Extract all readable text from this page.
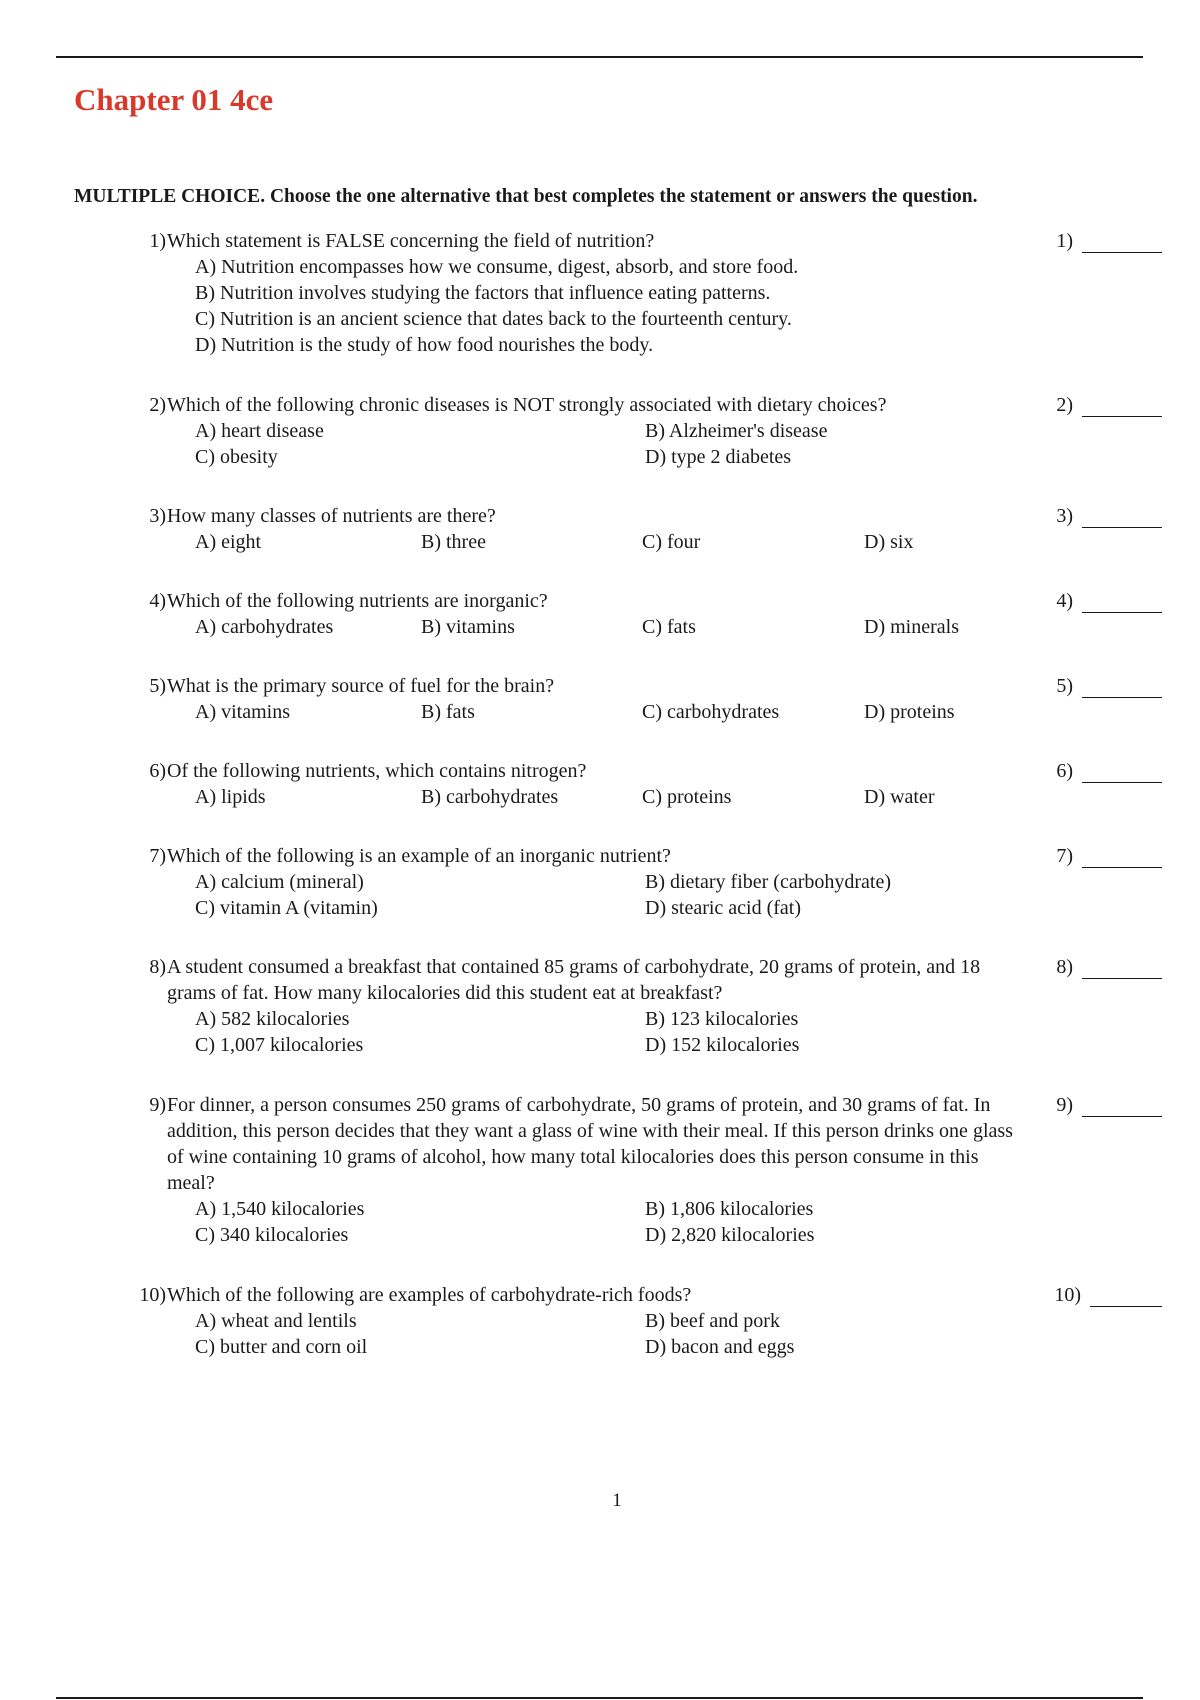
Chapter 01 4ce
MULTIPLE CHOICE. Choose the one alternative that best completes the statement or answers the question.
1) Which statement is FALSE concerning the field of nutrition?	1)
A) Nutrition encompasses how we consume, digest, absorb, and store food.
B) Nutrition involves studying the factors that influence eating patterns.
C) Nutrition is an ancient science that dates back to the fourteenth century.
D) Nutrition is the study of how food nourishes the body.
2) Which of the following chronic diseases is NOT strongly associated with dietary choices?	2)
A) heart disease	B) Alzheimer's disease
C) obesity	D) type 2 diabetes
3) How many classes of nutrients are there?	3)
A) eight	B) three	C) four	D) six
4) Which of the following nutrients are inorganic?	4)
A) carbohydrates	B) vitamins	C) fats	D) minerals
5) What is the primary source of fuel for the brain?	5)
A) vitamins	B) fats	C) carbohydrates	D) proteins
6) Of the following nutrients, which contains nitrogen?	6)
A) lipids	B) carbohydrates	C) proteins	D) water
7) Which of the following is an example of an inorganic nutrient?	7)
A) calcium (mineral)	B) dietary fiber (carbohydrate)
C) vitamin A (vitamin)	D) stearic acid (fat)
8) A student consumed a breakfast that contained 85 grams of carbohydrate, 20 grams of protein, and 18 grams of fat. How many kilocalories did this student eat at breakfast?
8)
A) 582 kilocalories	B) 123 kilocalories
C) 1,007 kilocalories	D) 152 kilocalories
9) For dinner, a person consumes 250 grams of carbohydrate, 50 grams of protein, and 30 grams of fat. In addition, this person decides that they want a glass of wine with their meal. If this person drinks one glass of wine containing 10 grams of alcohol, how many total kilocalories does this person consume in this meal?
9)
A) 1,540 kilocalories	B) 1,806 kilocalories
C) 340 kilocalories	D) 2,820 kilocalories
10) Which of the following are examples of carbohydrate-rich foods?	10)
A) wheat and lentils	B) beef and pork
C) butter and corn oil	D) bacon and eggs
1
